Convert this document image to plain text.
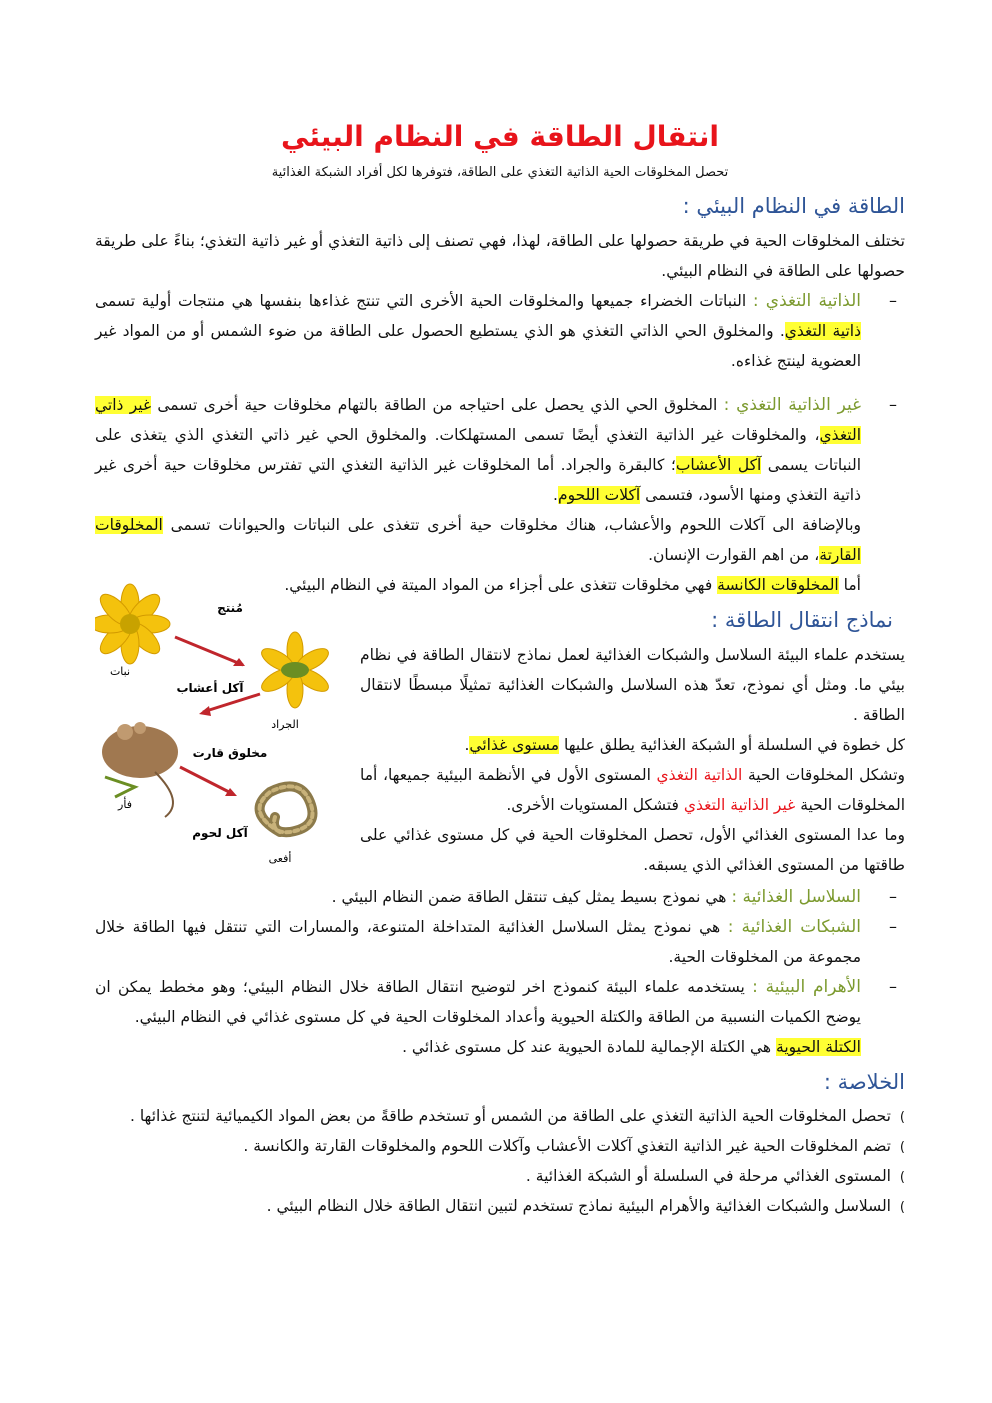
انتقال الطاقة في النظام البيئي
تحصل المخلوقات الحية الذاتية التغذي على الطاقة، فتوفرها لكل أفراد الشبكة الغذائية
الطاقة في النظام البيئي :

تختلف المخلوقات الحية في طريقة حصولها على الطاقة، لهذا، فهي تصنف إلى ذاتية التغذي أو غير ذاتية التغذي؛ بناءً على طريقة حصولها على الطاقة في النظام البيئي.

– الذاتية التغذي : النباتات الخضراء جميعها والمخلوقات الحية الأخرى التي تنتج غذاءها بنفسها هي منتجات أولية تسمى ذاتية التغذي. والمخلوق الحي الذاتي التغذي هو الذي يستطيع الحصول على الطاقة من ضوء الشمس أو من المواد غير العضوية لينتج غذاءه.
– غير الذاتية التغذي : المخلوق الحي الذي يحصل على احتياجه من الطاقة بالتهام مخلوقات حية أخرى تسمى غير ذاتي التغذي، والمخلوقات غير الذاتية التغذي أيضًا تسمى المستهلكات. والمخلوق الحي غير ذاتي التغذي الذي يتغذى على النباتات يسمى آكل الأعشاب؛ كالبقرة والجراد. أما المخلوقات غير الذاتية التغذي التي تفترس مخلوقات حية أخرى غير ذاتية التغذي ومنها الأسود، فتسمى آكلات اللحوم.
وبالإضافة الى آكلات اللحوم والأعشاب، هناك مخلوقات حية أخرى تتغذى على النباتات والحيوانات تسمى المخلوقات القارتة، من اهم القوارت الإنسان.
أما المخلوقات الكانسة فهي مخلوقات تتغذى على أجزاء من المواد الميتة في النظام البيئي.
نماذج انتقال الطاقة :

يستخدم علماء البيئة السلاسل والشبكات الغذائية لعمل نماذج لانتقال الطاقة في نظام بيئي ما. ومثل أي نموذج، تعدّ هذه السلاسل والشبكات الغذائية تمثيلًا مبسطًا لانتقال الطاقة .

كل خطوة في السلسلة أو الشبكة الغذائية يطلق عليها مستوى غذائي.

وتشكل المخلوقات الحية الذاتية التغذي المستوى الأول في الأنظمة البيئية جميعها، أما المخلوقات الحية غير الذاتية التغذي فتشكل المستويات الأخرى.

وما عدا المستوى الغذائي الأول، تحصل المخلوقات الحية في كل مستوى غذائي على طاقتها من المستوى الغذائي الذي يسبقه.

مُنتج
نبات
آكل أعشاب
الجراد
مخلوق قارت
فأر
آكل لحوم
أفعى
– السلاسل الغذائية : هي نموذج بسيط يمثل كيف تنتقل الطاقة ضمن النظام البيئي .
– الشبكات الغذائية : هي نموذج يمثل السلاسل الغذائية المتداخلة المتنوعة، والمسارات التي تنتقل فيها الطاقة خلال مجموعة من المخلوقات الحية.
– الأهرام البيئية : يستخدمه علماء البيئة كنموذج اخر لتوضيح انتقال الطاقة خلال النظام البيئي؛ وهو مخطط يمكن ان يوضح الكميات النسبية من الطاقة والكتلة الحيوية وأعداد المخلوقات الحية في كل مستوى غذائي في النظام البيئي.
الكتلة الحيوية هي الكتلة الإجمالية للمادة الحيوية عند كل مستوى غذائي .
الخلاصة :

)تحصل المخلوقات الحية الذاتية التغذي على الطاقة من الشمس أو تستخدم طاقةً من بعض المواد الكيميائية لتنتج غذائها .

)تضم المخلوقات الحية غير الذاتية التغذي آكلات الأعشاب وآكلات اللحوم والمخلوقات القارتة والكانسة .

)المستوى الغذائي مرحلة في السلسلة أو الشبكة الغذائية .

)السلاسل والشبكات الغذائية والأهرام البيئية نماذج تستخدم لتبين انتقال الطاقة خلال النظام البيئي .
